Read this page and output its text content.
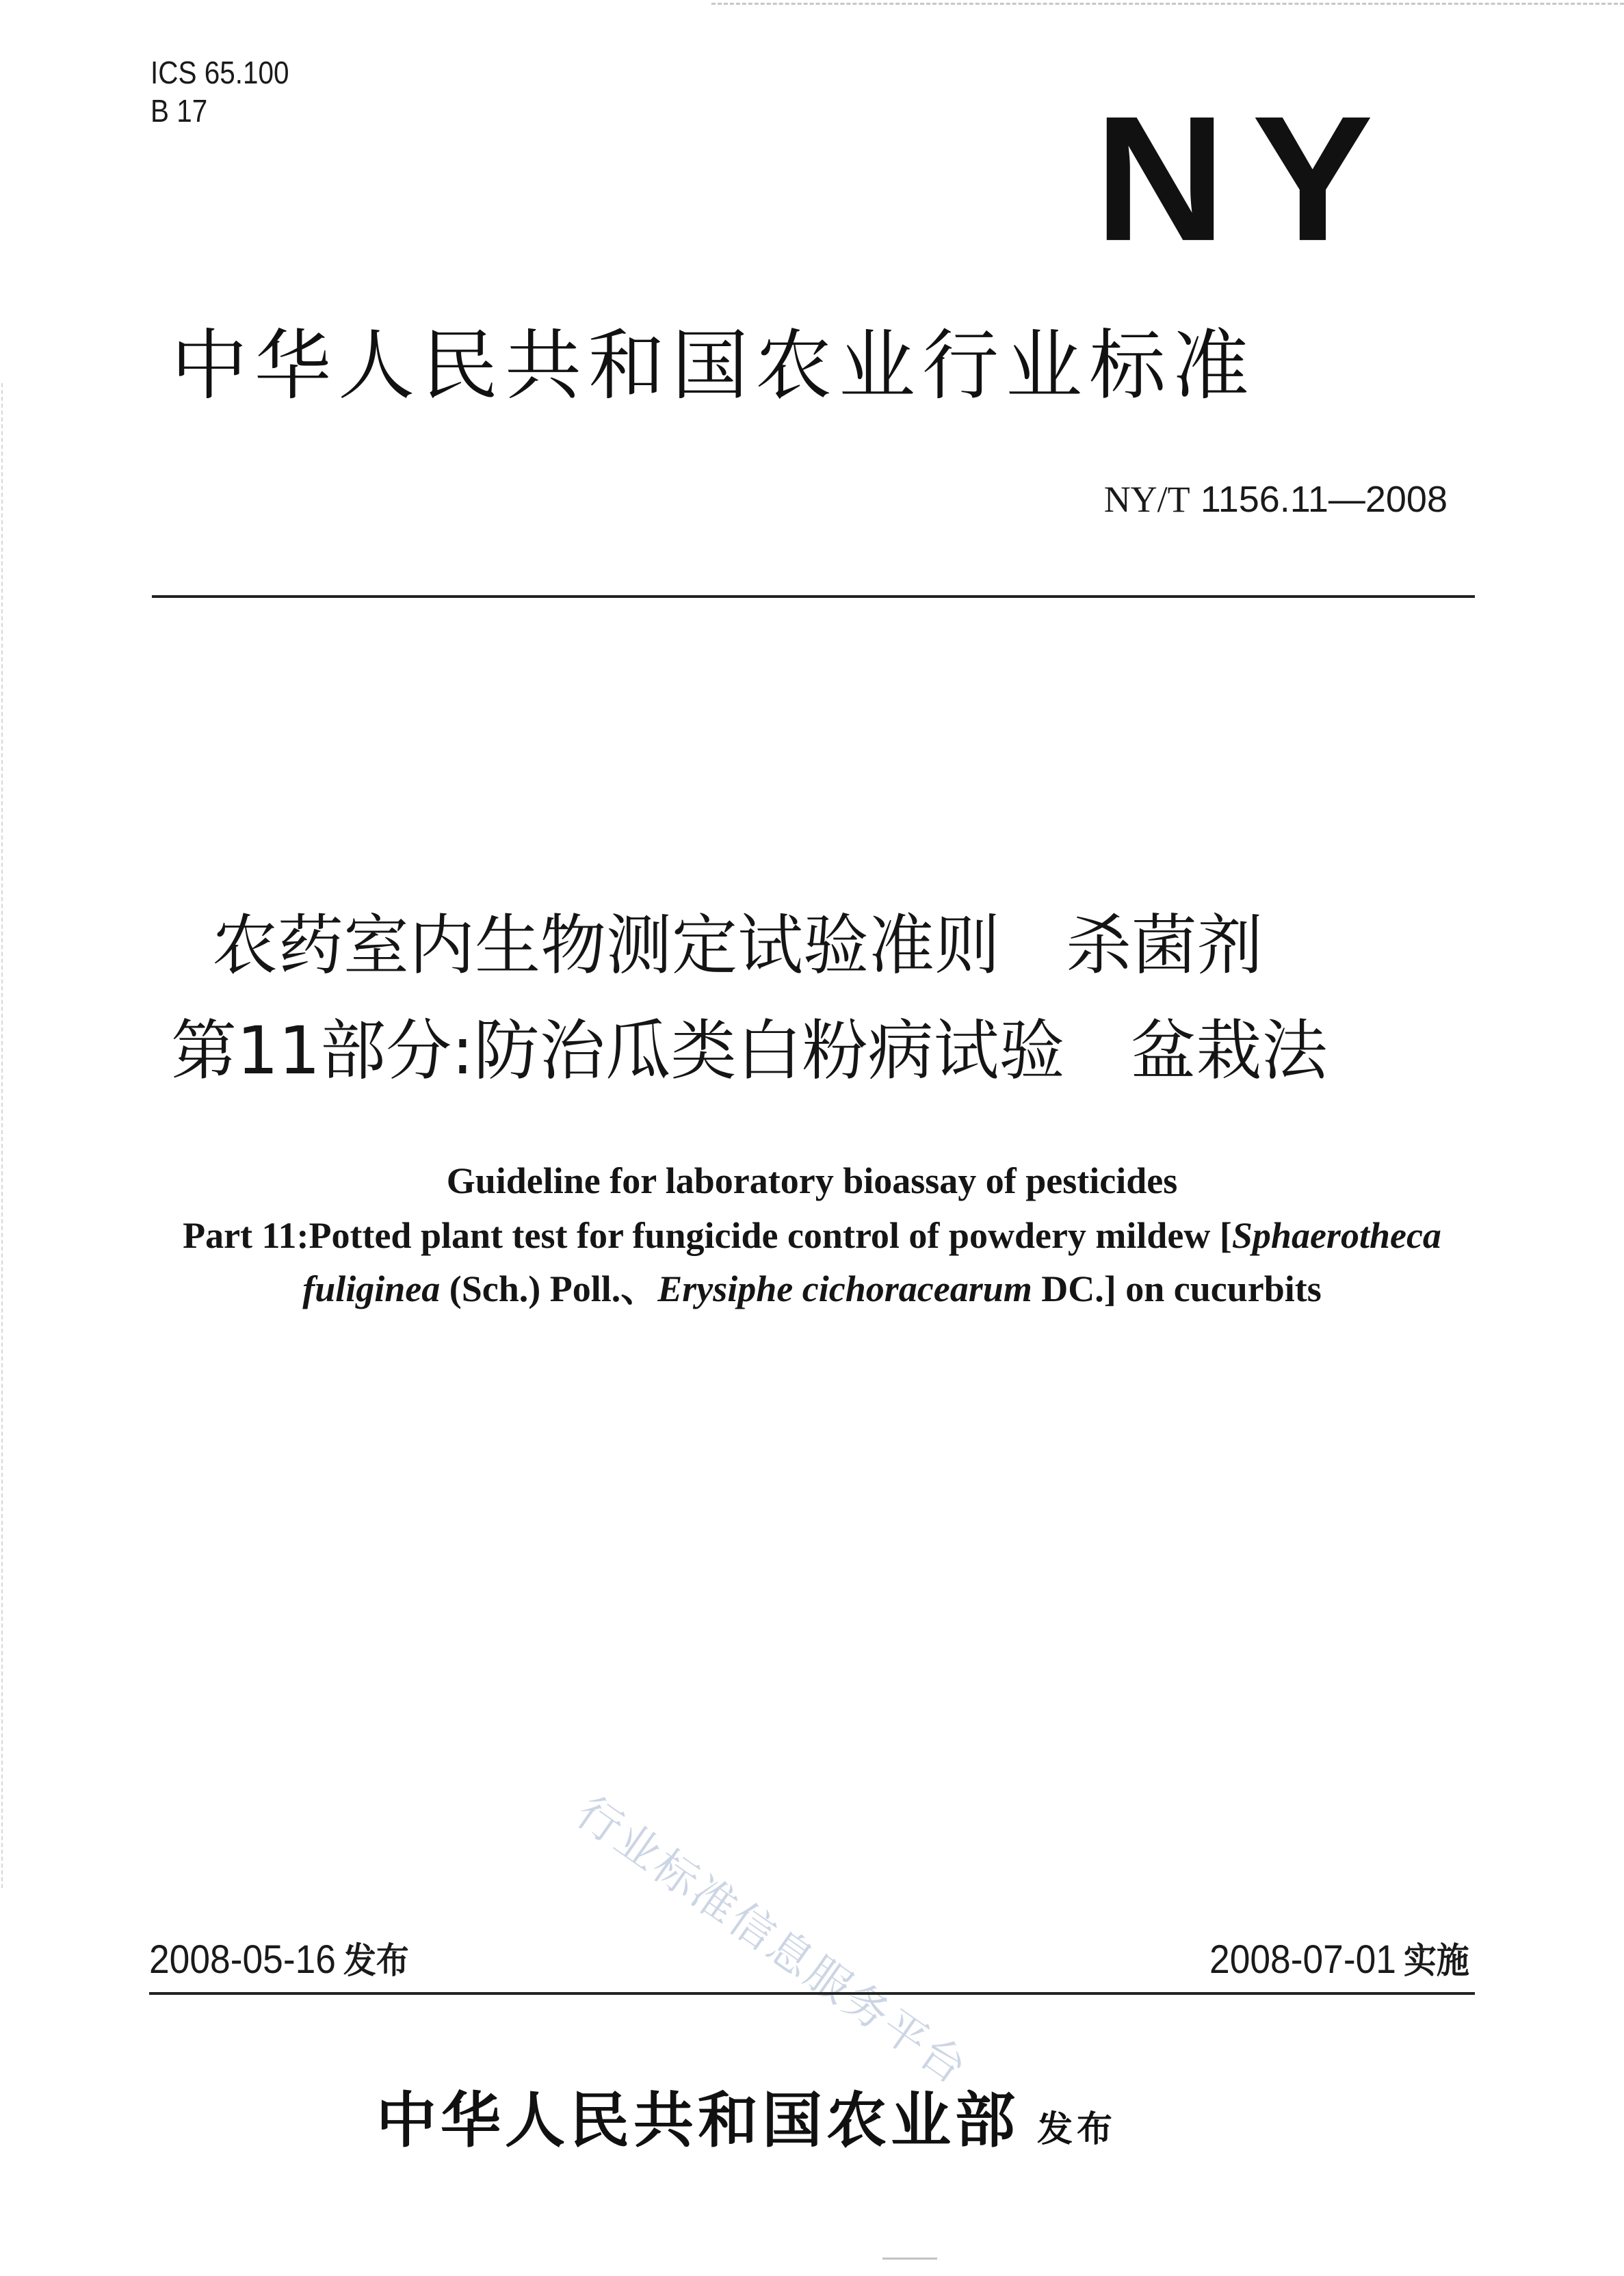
ICS 65.100
B 17	NY
中华人民共和国农业行业标准
NY/T 1156.11—2008
农药室内生物测定试验准则 杀菌剂
第11部分:防治瓜类白粉病试验 盆栽法
Guideline for laboratory bioassay of pesticides
Part 11:Potted plant test for fungicide control of powdery mildew [Sphaerotheca
fuliginea (Sch.) Poll.、Erysiphe cichoracearum DC.] on cucurbits
行业标准信息服务平台
2008-05-16 发布	2008-07-01 实施
中华人民共和国农业部 发布
